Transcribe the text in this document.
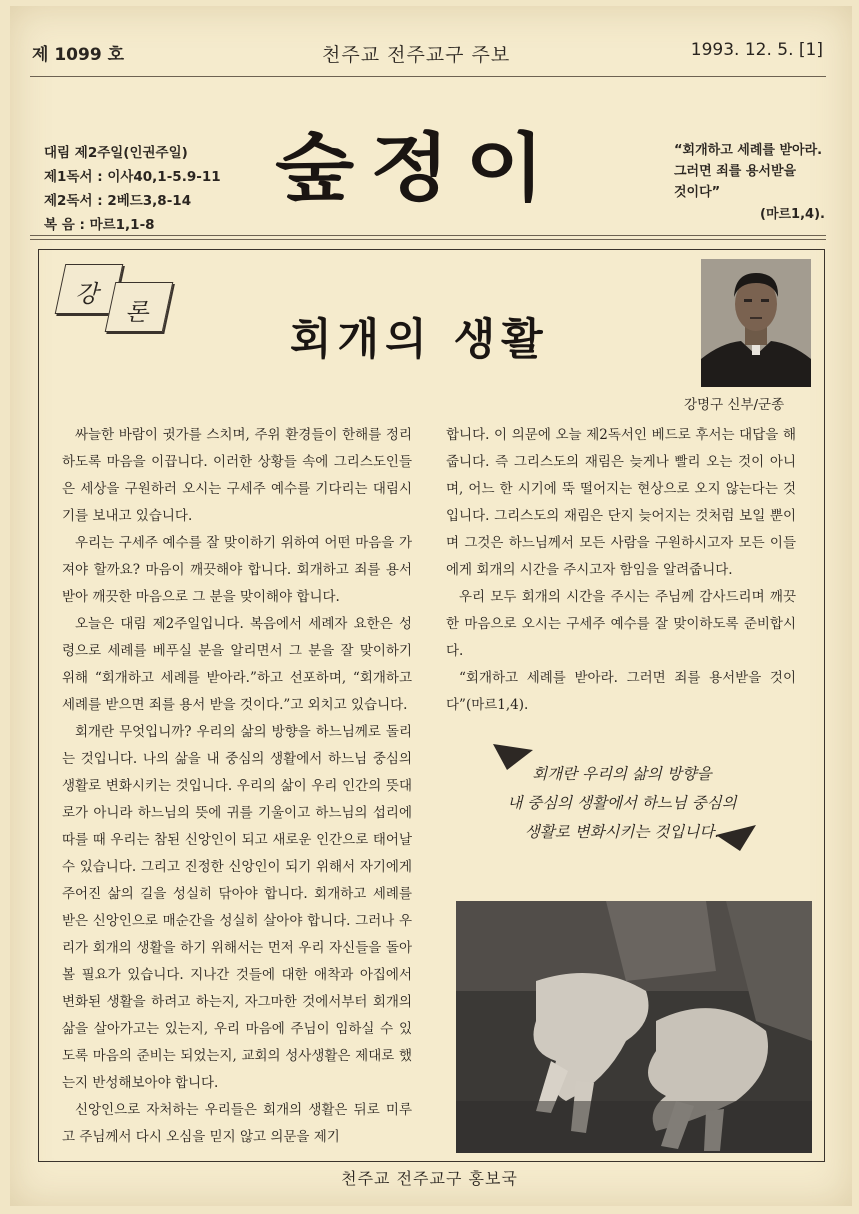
제 1099 호	천주교 전주교구 주보	1993. 12. 5. [1]
대림 제2주일(인권주일)
제1독서 : 이사40,1-5.9-11
제2독서 : 2베드3,8-14
복 음 : 마르1,1-8
숲정이	“회개하고 세례를 받아라.
그러면 죄를 용서받을
것이다”
(마르1,4).
강
론
회개의 생활
강명구 신부/군종

싸늘한 바람이 귓가를 스치며, 주위 환경들이 한해를 정리하도록 마음을 이끕니다. 이러한 상황들 속에 그리스도인들은 세상을 구원하러 오시는 구세주 예수를 기다리는 대림시기를 보내고 있습니다.

우리는 구세주 예수를 잘 맞이하기 위하여 어떤 마음을 가져야 할까요? 마음이 깨끗해야 합니다. 회개하고 죄를 용서받아 깨끗한 마음으로 그 분을 맞이해야 합니다.

오늘은 대림 제2주일입니다. 복음에서 세례자 요한은 성령으로 세례를 베푸실 분을 알리면서 그 분을 잘 맞이하기 위해 “회개하고 세례를 받아라.”하고 선포하며, “회개하고 세례를 받으면 죄를 용서 받을 것이다.”고 외치고 있습니다.

회개란 무엇입니까? 우리의 삶의 방향을 하느님께로 돌리는 것입니다. 나의 삶을 내 중심의 생활에서 하느님 중심의 생활로 변화시키는 것입니다. 우리의 삶이 우리 인간의 뜻대로가 아니라 하느님의 뜻에 귀를 기울이고 하느님의 섭리에 따를 때 우리는 참된 신앙인이 되고 새로운 인간으로 태어날 수 있습니다. 그리고 진정한 신앙인이 되기 위해서 자기에게 주어진 삶의 길을 성실히 닦아야 합니다. 회개하고 세례를 받은 신앙인으로 매순간을 성실히 살아야 합니다. 그러나 우리가 회개의 생활을 하기 위해서는 먼저 우리 자신들을 돌아볼 필요가 있습니다. 지나간 것들에 대한 애착과 아집에서 변화된 생활을 하려고 하는지, 자그마한 것에서부터 회개의 삶을 살아가고는 있는지, 우리 마음에 주님이 임하실 수 있도록 마음의 준비는 되었는지, 교회의 성사생활은 제대로 했는지 반성해보아야 합니다.

신앙인으로 자처하는 우리들은 회개의 생활은 뒤로 미루고 주님께서 다시 오심을 믿지 않고 의문을 제기

합니다. 이 의문에 오늘 제2독서인 베드로 후서는 대답을 해줍니다. 즉 그리스도의 재림은 늦게나 빨리 오는 것이 아니며, 어느 한 시기에 뚝 떨어지는 현상으로 오지 않는다는 것입니다. 그리스도의 재림은 단지 늦어지는 것처럼 보일 뿐이며 그것은 하느님께서 모든 사람을 구원하시고자 모든 이들에게 회개의 시간을 주시고자 함임을 알려줍니다.

우리 모두 회개의 시간을 주시는 주님께 감사드리며 깨끗한 마음으로 오시는 구세주 예수를 잘 맞이하도록 준비합시다.

“회개하고 세례를 받아라. 그러면 죄를 용서받을 것이다”(마르1,4).

회개란 우리의 삶의 방향을
내 중심의 생활에서 하느님 중심의
생활로 변화시키는 것입니다.
천주교 전주교구 홍보국
